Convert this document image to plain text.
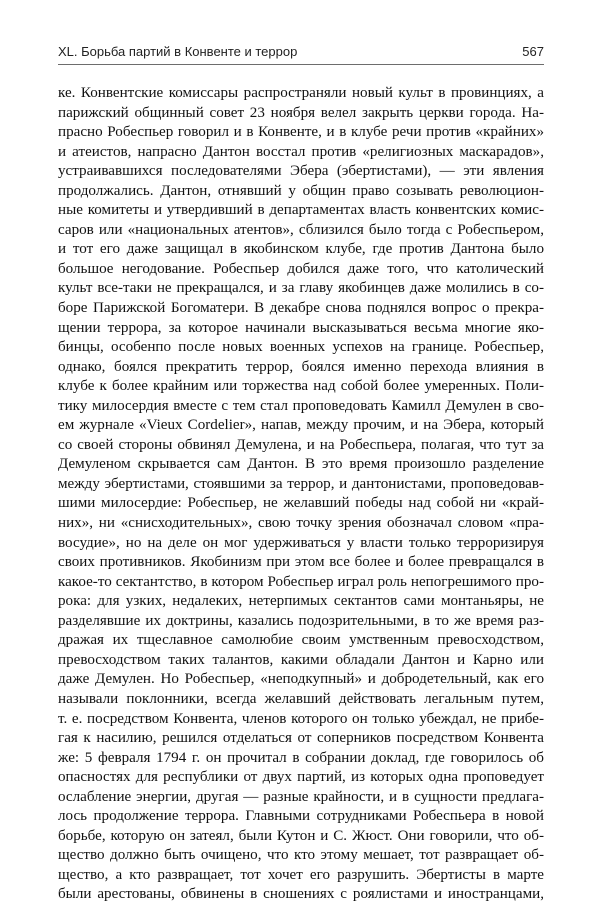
XL. Борьба партий в Конвенте и террор	567
ке. Конвентские комиссары распространяли новый культ в провинциях, а
парижский общинный совет 23 ноября велел закрыть церкви города. На-
прасно Робеспьер говорил и в Конвенте, и в клубе речи против «крайних»
и атеистов, напрасно Дантон восстал против «религиозных маскарадов»,
устраивавшихся последователями Эбера (эбертистами), — эти явления
продолжались. Дантон, отнявший у общин право созывать революцион-
ные комитеты и утвердивший в департаментах власть конвентских комис-
саров или «национальных атентов», сблизился было тогда с Робеспьером,
и тот его даже защищал в якобинском клубе, где против Дантона было
большое негодование. Робеспьер добился даже того, что католический
культ все-таки не прекращался, и за главу якобинцев даже молились в со-
боре Парижской Богоматери. В декабре снова поднялся вопрос о прекра-
щении террора, за которое начинали высказываться весьма многие яко-
бинцы, особенпо после новых военных успехов на границе. Робеспьер,
однако, боялся прекратить террор, боялся именно перехода влияния в
клубе к более крайним или торжества над собой более умеренных. Поли-
тику милосердия вместе с тем стал проповедовать Камилл Демулен в сво-
ем журнале «Vieux Cordelier», напав, между прочим, и на Эбера, который
со своей стороны обвинял Демулена, и на Робеспьера, полагая, что тут за
Демуленом скрывается сам Дантон. В это время произошло разделение
между эбертистами, стоявшими за террор, и дантонистами, проповедовав-
шими милосердие: Робеспьер, не желавший победы над собой ни «край-
них», ни «снисходительных», свою точку зрения обозначал словом «пра-
восудие», но на деле он мог удерживаться у власти только терроризируя
своих противников. Якобинизм при этом все более и более превращался в
какое-то сектантство, в котором Робеспьер играл роль непогрешимого про-
рока: для узких, недалеких, нетерпимых сектантов сами монтаньяры, не
разделявшие их доктрины, казались подозрительными, в то же время раз-
дражая их тщеславное самолюбие своим умственным превосходством,
превосходством таких талантов, какими обладали Дантон и Карно или
даже Демулен. Но Робеспьер, «неподкупный» и добродетельный, как его
называли поклонники, всегда желавший действовать легальным путем,
т. е. посредством Конвента, членов которого он только убеждал, не прибе-
гая к насилию, решился отделаться от соперников посредством Конвента
же: 5 февраля 1794 г. он прочитал в собрании доклад, где говорилось об
опасностях для республики от двух партий, из которых одна проповедует
ослабление энергии, другая — разные крайности, и в сущности предлага-
лось продолжение террора. Главными сотрудниками Робеспьера в новой
борьбе, которую он затеял, были Кутон и С. Жюст. Они говорили, что об-
щество должно быть очищено, что кто этому мешает, тот развращает об-
щество, а кто развращает, тот хочет его разрушить. Эбертисты в марте
были арестованы, обвинены в сношениях с роялистами и иностранцами,
